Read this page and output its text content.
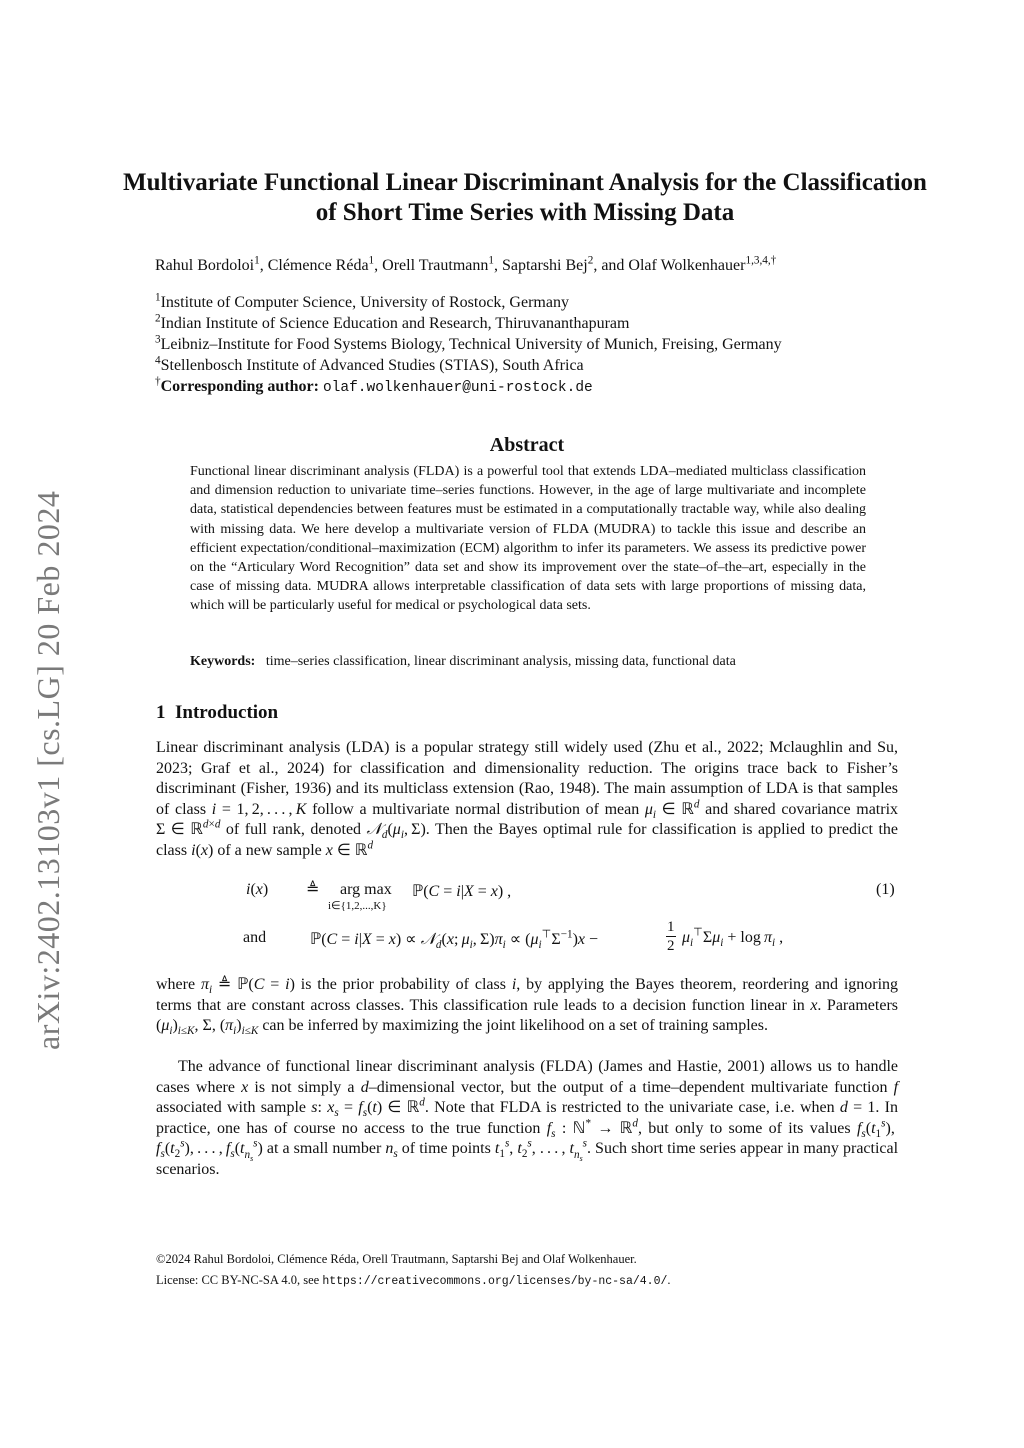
arXiv:2402.13103v1 [cs.LG] 20 Feb 2024
Multivariate Functional Linear Discriminant Analysis for the Classification of Short Time Series with Missing Data
Rahul Bordoloi$^1$, Clémence Réda$^1$, Orell Trautmann$^1$, Saptarshi Bej$^2$, and Olaf Wolkenhauer$^{1,3,4,\dagger}$
$^1$Institute of Computer Science, University of Rostock, Germany
$^2$Indian Institute of Science Education and Research, Thiruvananthapuram
$^3$Leibniz–Institute for Food Systems Biology, Technical University of Munich, Freising, Germany
$^4$Stellenbosch Institute of Advanced Studies (STIAS), South Africa
†Corresponding author: olaf.wolkenhauer@uni-rostock.de
Abstract
Functional linear discriminant analysis (FLDA) is a powerful tool that extends LDA–mediated multiclass classification and dimension reduction to univariate time–series functions. However, in the age of large multivariate and incomplete data, statistical dependencies between features must be estimated in a computationally tractable way, while also dealing with missing data. We here develop a multivariate version of FLDA (MUDRA) to tackle this issue and describe an efficient expectation/conditional–maximization (ECM) algorithm to infer its parameters. We assess its predictive power on the “Articulary Word Recognition” data set and show its improvement over the state–of–the–art, especially in the case of missing data. MUDRA allows interpretable classification of data sets with large proportions of missing data, which will be particularly useful for medical or psychological data sets.
Keywords: time–series classification, linear discriminant analysis, missing data, functional data
1 Introduction
Linear discriminant analysis (LDA) is a popular strategy still widely used (Zhu et al., 2022; Mclaughlin and Su, 2023; Graf et al., 2024) for classification and dimensionality reduction. The origins trace back to Fisher’s discriminant (Fisher, 1936) and its multiclass extension (Rao, 1948). The main assumption of LDA is that samples of class i = 1, 2, . . . , K follow a multivariate normal distribution of mean $\mu_i$ ∈ ℝ$^d$ and shared covariance matrix Σ ∈ ℝ$^{d\times d}$ of full rank, denoted $𝒩_d(\mu_i$, Σ). Then the Bayes optimal rule for classification is applied to predict the class i(x) of a new sample x ∈ ℝ$^d$
i(x) ≜ arg max
i∈{1,2,...,K}
ℙ(C = i|X = x) ,	(1)
and	ℙ(C = i|X = x) ∝ 𝒩$_d$(x; $\mu_i$, $\Sigma)\pi_i \propto (\mu_i^⊤\Sigma^{-1})x$ −
1
2 $\mu_i^⊤\Sigma\mu_i + \log \pi_i$ ,
where $\pi_i$ ≜ ℙ(C = i) is the prior probability of class i, by applying the Bayes theorem, reordering and ignoring terms that are constant across classes. This classification rule leads to a decision function linear in x. Parameters $(\mu_i)_{i\le K}$, Σ, $(\pi_i)_{i\le K}$ can be inferred by maximizing the joint likelihood on a set of training samples.
The advance of functional linear discriminant analysis (FLDA) (James and Hastie, 2001) allows us to handle cases where x is not simply a d–dimensional vector, but the output of a time–dependent multivariate function f associated with sample s: $x_s = f_s(t)$ ∈ ℝ$^d$. Note that FLDA is restricted to the univariate case, i.e. when d = 1. In practice, one has of course no access to the true function $f_s$ : ℕ* → ℝ$^d$, but only to some of its values $f_s(t_1^s)$, $f_s(t_2^s)$, . . . , $f_s(t_{n_s}^s)$ at a small number $n_s$ of time points $t_1^s$, $t_2^s$, . . . , $t_{n_s}^s$. Such short time series appear in many practical scenarios.
©2024 Rahul Bordoloi, Clémence Réda, Orell Trautmann, Saptarshi Bej and Olaf Wolkenhauer.
License: CC BY-NC-SA 4.0, see https://creativecommons.org/licenses/by-nc-sa/4.0/.
